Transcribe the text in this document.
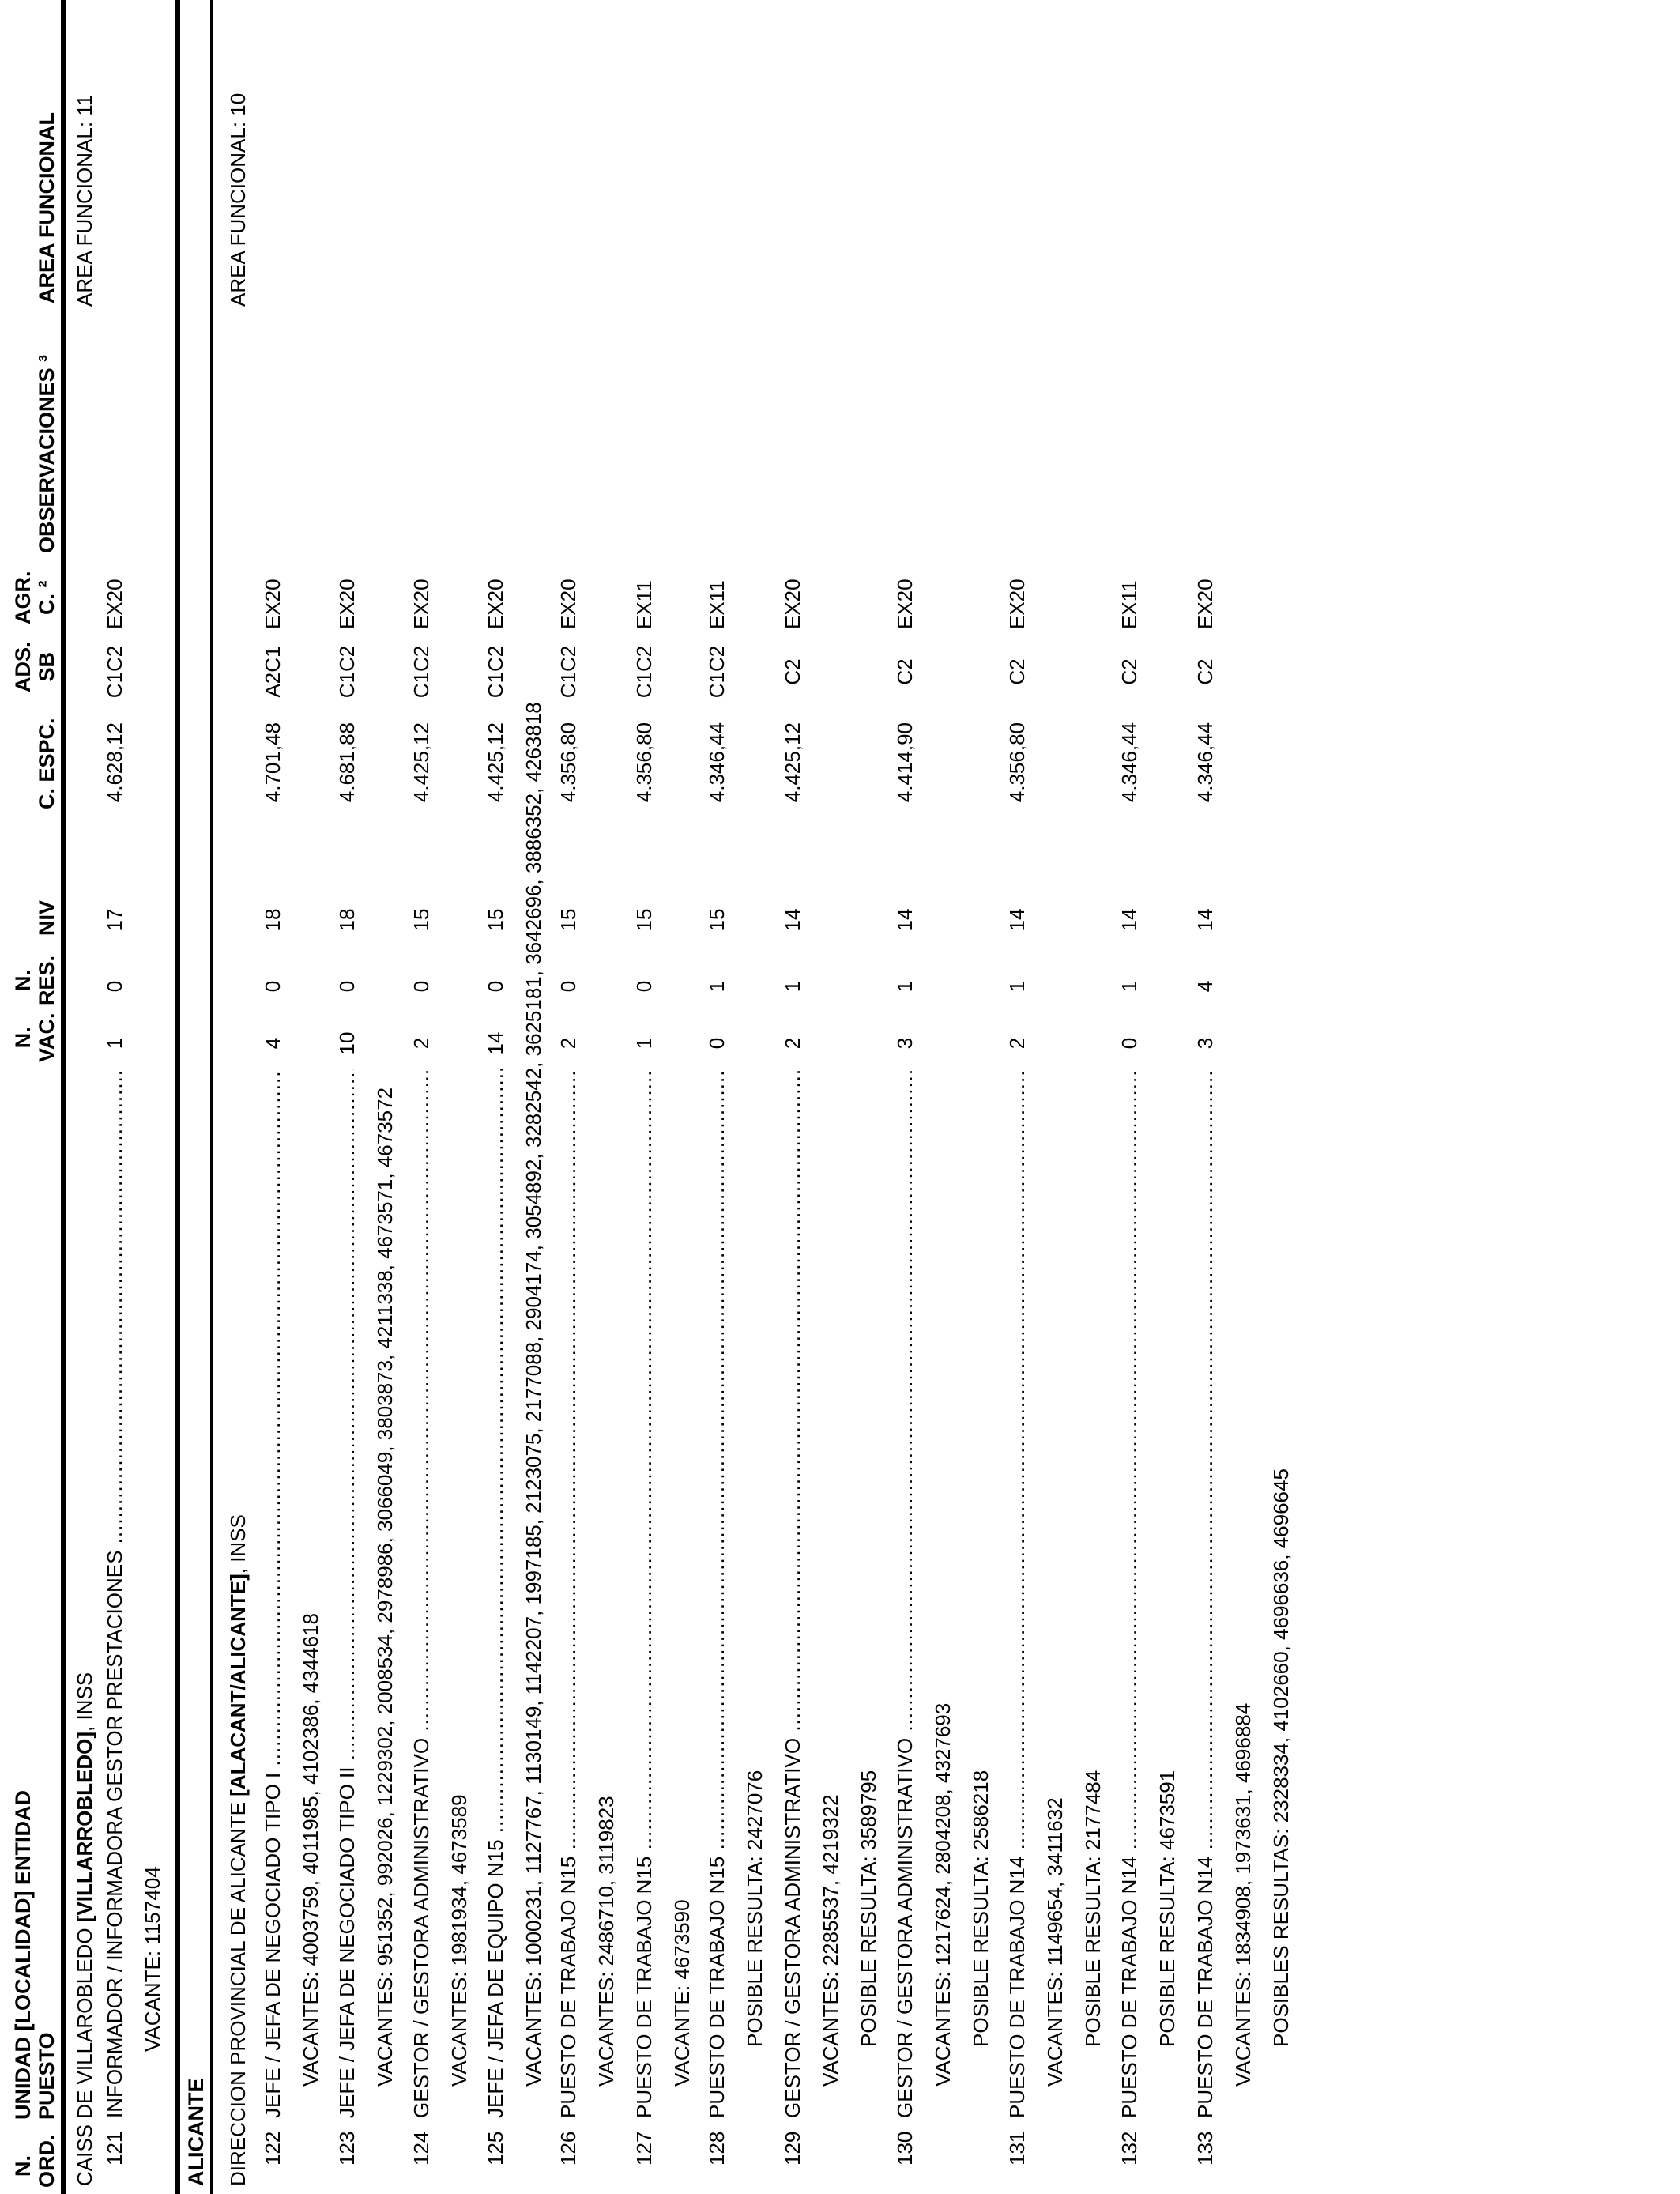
N. ORD.
UNIDAD [LOCALIDAD] ENTIDAD PUESTO
N. VAC.
N. RES.
NIV
C. ESPC.
ADS. SB
AGR. C. ²
OBSERVACIONES ³
AREA FUNCIONAL
CAISS DE VILLAROBLEDO [VILLARROBLEDO], INSS
AREA FUNCIONAL: 11
ALICANTE DIRECCION PROVINCIAL DE ALICANTE [ALACANT/ALICANTE], INSS
AREA FUNCIONAL: 10
121
INFORMADOR / INFORMADORA GESTOR PRESTACIONES .....
1
0
17
4.628,12
C1C2
EX20
VACANTE: 1157404
122
JEFE / JEFA DE NEGOCIADO TIPO I .....
4
0
18
4.701,48
A2C1
EX20
VACANTES: 4003759, 4011985, 4102386, 4344618
123
JEFE / JEFA DE NEGOCIADO TIPO II .....
10
0
18
4.681,88
C1C2
EX20
VACANTES: 951352, 992026, 1229302, 2008534, 2978986, 3066049, 3803873, 4211338, 4673571, 4673572
124
GESTOR / GESTORA ADMINISTRATIVO .....
2
0
15
4.425,12
C1C2
EX20
VACANTES: 1981934, 4673589
125
JEFE / JEFA DE EQUIPO N15 .....
14
0
15
4.425,12
C1C2
EX20
VACANTES: 1000231, 1127767, 1130149, 1142207, 1997185, 2123075, 2177088, 2904174, 3054892, 3282542, 3625181, 3642696, 3886352, 4263818
126
PUESTO DE TRABAJO N15 .....
2
0
15
4.356,80
C1C2
EX20
VACANTES: 2486710, 3119823
127
PUESTO DE TRABAJO N15 .....
1
0
15
4.356,80
C1C2
EX11
VACANTE: 4673590
128
PUESTO DE TRABAJO N15 .....
0
1
15
4.346,44
C1C2
EX11
POSIBLE RESULTA: 2427076
129
GESTOR / GESTORA ADMINISTRATIVO .....
2
1
14
4.425,12
C2
EX20
VACANTES: 2285537, 4219322 POSIBLE RESULTA: 3589795
130
GESTOR / GESTORA ADMINISTRATIVO .....
3
1
14
4.414,90
C2
EX20
VACANTES: 1217624, 2804208, 4327693 POSIBLE RESULTA: 2586218
131
PUESTO DE TRABAJO N14 .....
2
1
14
4.356,80
C2
EX20
VACANTES: 1149654, 3411632 POSIBLE RESULTA: 2177484
132
PUESTO DE TRABAJO N14 .....
0
1
14
4.346,44
C2
EX11
POSIBLE RESULTA: 4673591
133
PUESTO DE TRABAJO N14 .....
3
4
14
4.346,44
C2
EX20
VACANTES: 1834908, 1973631, 4696884 POSIBLES RESULTAS: 2328334, 4102660, 4696636, 4696645
